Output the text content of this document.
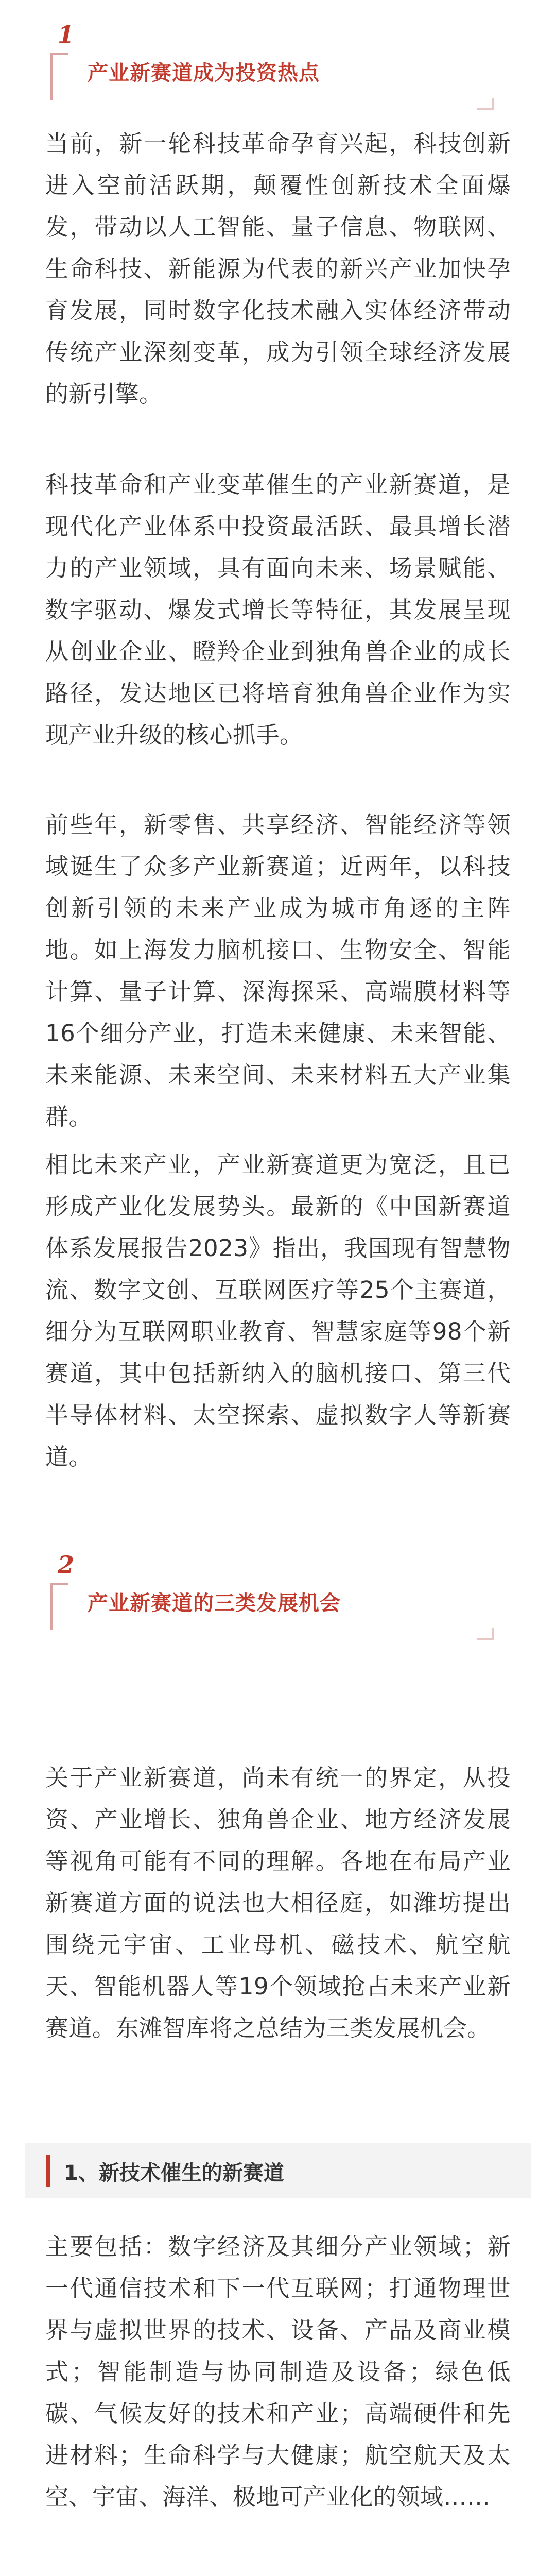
1
产业新赛道成为投资热点

当前，新一轮科技革命孕育兴起，科技创新进入空前活跃期，颠覆性创新技术全面爆发，带动以人工智能、量子信息、物联网、生命科技、新能源为代表的新兴产业加快孕育发展，同时数字化技术融入实体经济带动传统产业深刻变革，成为引领全球经济发展的新引擎。

科技革命和产业变革催生的产业新赛道，是现代化产业体系中投资最活跃、最具增长潜力的产业领域，具有面向未来、场景赋能、数字驱动、爆发式增长等特征，其发展呈现从创业企业、瞪羚企业到独角兽企业的成长路径，发达地区已将培育独角兽企业作为实现产业升级的核心抓手。

前些年，新零售、共享经济、智能经济等领域诞生了众多产业新赛道；近两年，以科技创新引领的未来产业成为城市角逐的主阵地。如上海发力脑机接口、生物安全、智能计算、量子计算、深海探采、高端膜材料等16个细分产业，打造未来健康、未来智能、未来能源、未来空间、未来材料五大产业集群。

相比未来产业，产业新赛道更为宽泛，且已形成产业化发展势头。最新的《中国新赛道体系发展报告2023》指出，我国现有智慧物流、数字文创、互联网医疗等25个主赛道，细分为互联网职业教育、智慧家庭等98个新赛道，其中包括新纳入的脑机接口、第三代半导体材料、太空探索、虚拟数字人等新赛道。

2
产业新赛道的三类发展机会

关于产业新赛道，尚未有统一的界定，从投资、产业增长、独角兽企业、地方经济发展等视角可能有不同的理解。各地在布局产业新赛道方面的说法也大相径庭，如潍坊提出围绕元宇宙、工业母机、磁技术、航空航天、智能机器人等19个领域抢占未来产业新赛道。东滩智库将之总结为三类发展机会。

1、新技术催生的新赛道

主要包括：数字经济及其细分产业领域；新一代通信技术和下一代互联网；打通物理世界与虚拟世界的技术、设备、产品及商业模式；智能制造与协同制造及设备；绿色低碳、气候友好的技术和产业；高端硬件和先进材料；生命科学与大健康；航空航天及太空、宇宙、海洋、极地可产业化的领域……
